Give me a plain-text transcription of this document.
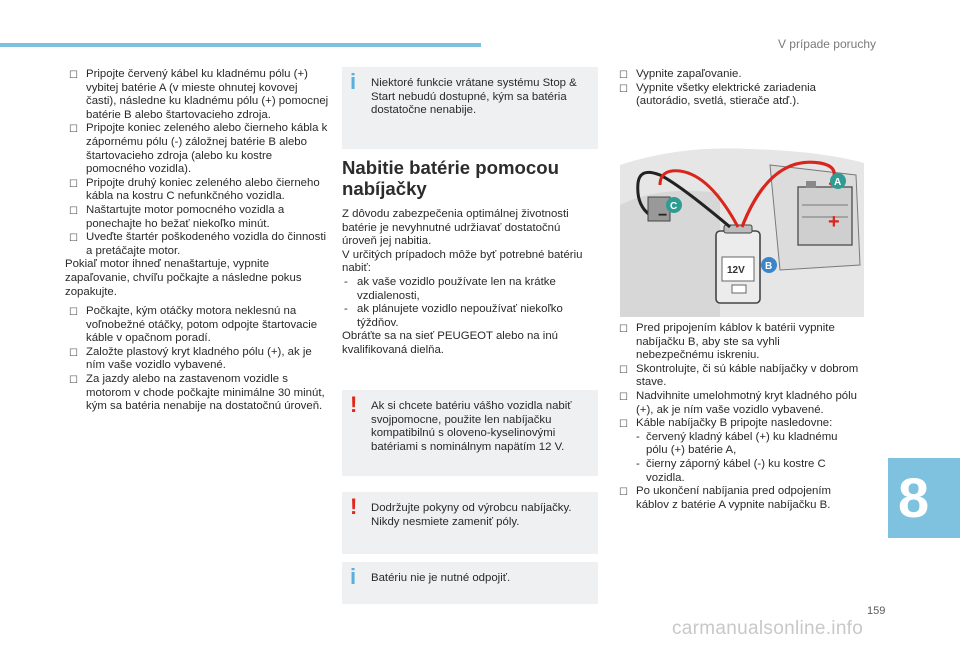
V prípade poruchy

☐ Pripojte červený kábel ku kladnému pólu (+) vybitej batérie A (v mieste ohnutej kovovej časti), následne ku kladnému pólu (+) pomocnej batérie B alebo štartovacieho zdroja.

☐ Pripojte koniec zeleného alebo čierneho kábla k zápornému pólu (-) záložnej batérie B alebo štartovacieho zdroja (alebo ku kostre pomocného vozidla).

☐ Pripojte druhý koniec zeleného alebo čierneho kábla na kostru C nefunkčného vozidla.

☐ Naštartujte motor pomocného vozidla a ponechajte ho bežať niekoľko minút.

☐ Uveďte štartér poškodeného vozidla do činnosti a pretáčajte motor.

Pokiaľ motor ihneď nenaštartuje, vypnite zapaľovanie, chvíľu počkajte a následne pokus zopakujte.

☐ Počkajte, kým otáčky motora neklesnú na voľnobežné otáčky, potom odpojte štartovacie káble v opačnom poradí.

☐ Založte plastový kryt kladného pólu (+), ak je ním vaše vozidlo vybavené.

☐ Za jazdy alebo na zastavenom vozidle s motorom v chode počkajte minimálne 30 minút, kým sa batéria nenabije na dostatočnú úroveň.

i Niektoré funkcie vrátane systému Stop & Start nebudú dostupné, kým sa batéria dostatočne nenabije.
Nabitie batérie pomocou nabíjačky

Z dôvodu zabezpečenia optimálnej životnosti batérie je nevyhnutné udržiavať dostatočnú úroveň jej nabitia.

V určitých prípadoch môže byť potrebné batériu nabiť:

- ak vaše vozidlo používate len na krátke vzdialenosti,

- ak plánujete vozidlo nepoužívať niekoľko týždňov.

Obráťte sa na sieť PEUGEOT alebo na inú kvalifikovaná dielňa.

! Ak si chcete batériu vášho vozidla nabiť svojpomocne, použite len nabíjačku kompatibilnú s oloveno-kyselinovými batériami s nominálnym napätím 12 V.
! Dodržujte pokyny od výrobcu nabíjačky. Nikdy nesmiete zameniť póly.
i Batériu nie je nutné odpojiť.

☐ Vypnite zapaľovanie.

☐ Vypnite všetky elektrické zariadenia (autorádio, svetlá, stierače atď.).

12V
−	+
A
C
B

☐ Pred pripojením káblov k batérii vypnite nabíjačku B, aby ste sa vyhli nebezpečnému iskreniu.

☐ Skontrolujte, či sú káble nabíjačky v dobrom stave.

☐ Nadvihnite umelohmotný kryt kladného pólu (+), ak je ním vaše vozidlo vybavené.

☐ Káble nabíjačky B pripojte nasledovne:

- červený kladný kábel (+) ku kladnému pólu (+) batérie A,

- čierny záporný kábel (-) ku kostre C vozidla.

☐ Po ukončení nabíjania pred odpojením káblov z batérie A vypnite nabíjačku B.	8
159
carmanualsonline.info
